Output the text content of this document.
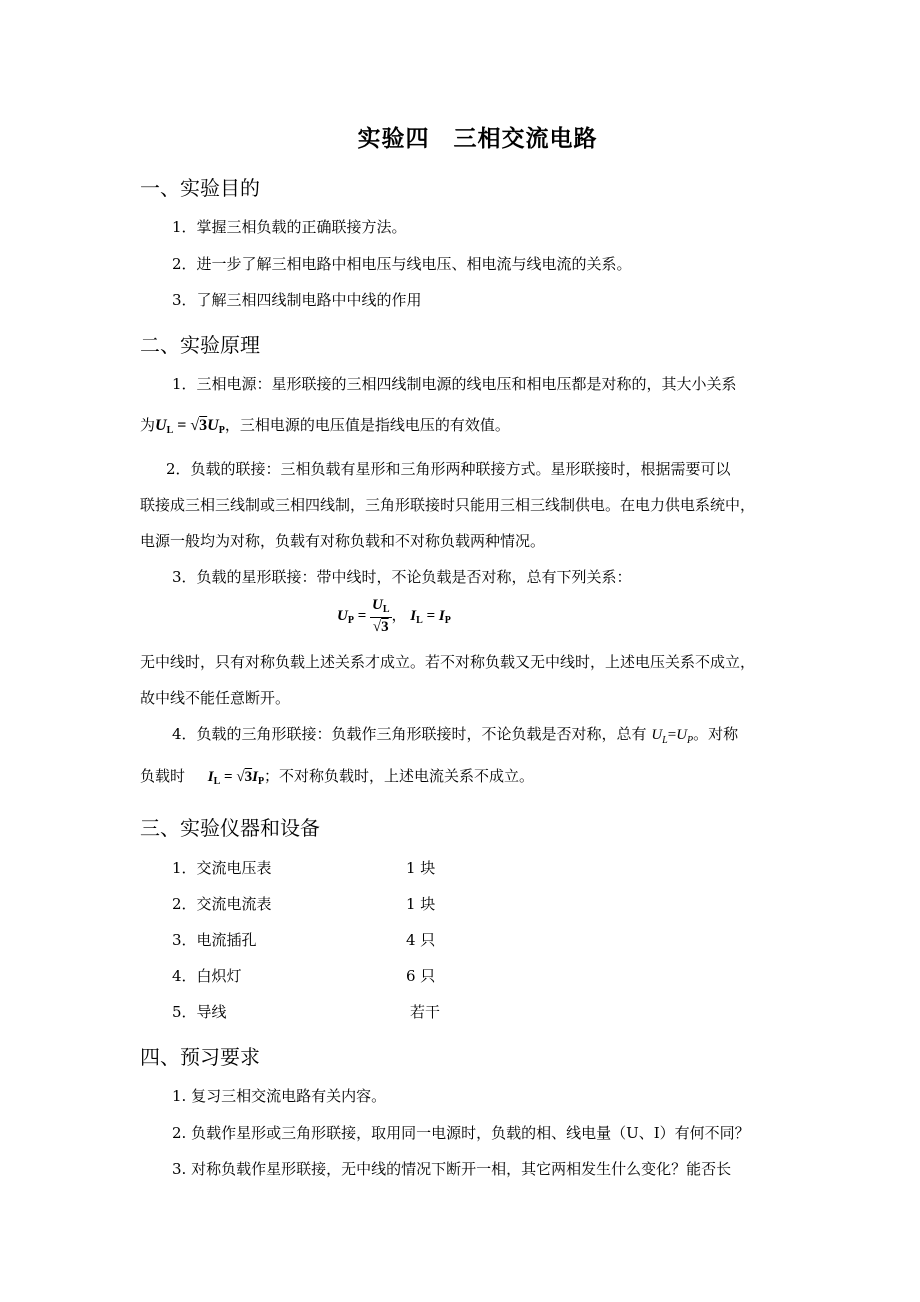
实验四　三相交流电路
一、实验目的
1．掌握三相负载的正确联接方法。
2．进一步了解三相电路中相电压与线电压、相电流与线电流的关系。
3．了解三相四线制电路中中线的作用
二、实验原理
1．三相电源：星形联接的三相四线制电源的线电压和相电压都是对称的，其大小关系
为$U_L = √3U_P$，三相电源的电压值是指线电压的有效值。
2．负载的联接：三相负载有星形和三角形两种联接方式。星形联接时，根据需要可以
联接成三相三线制或三相四线制，三角形联接时只能用三相三线制供电。在电力供电系统中，
电源一般均为对称，负载有对称负载和不对称负载两种情况。
3．负载的星形联接：带中线时，不论负载是否对称，总有下列关系：
$U_P = \frac{U_L}{√3}$ ， $I_L = I_P$
无中线时，只有对称负载上述关系才成立。若不对称负载又无中线时，上述电压关系不成立，
故中线不能任意断开。
4．负载的三角形联接：负载作三角形联接时，不论负载是否对称，总有 $U_L=U_P$。对称
负载时 $I_L = √3I_P$；不对称负载时，上述电流关系不成立。
三、实验仪器和设备
1．交流电压表	1 块
2．交流电流表	1 块
3．电流插孔	4 只
4．白炽灯	6 只
5．导线	若干
四、预习要求
1. 复习三相交流电路有关内容。
2. 负载作星形或三角形联接，取用同一电源时，负载的相、线电量（U、I）有何不同？
3. 对称负载作星形联接，无中线的情况下断开一相，其它两相发生什么变化？能否长
